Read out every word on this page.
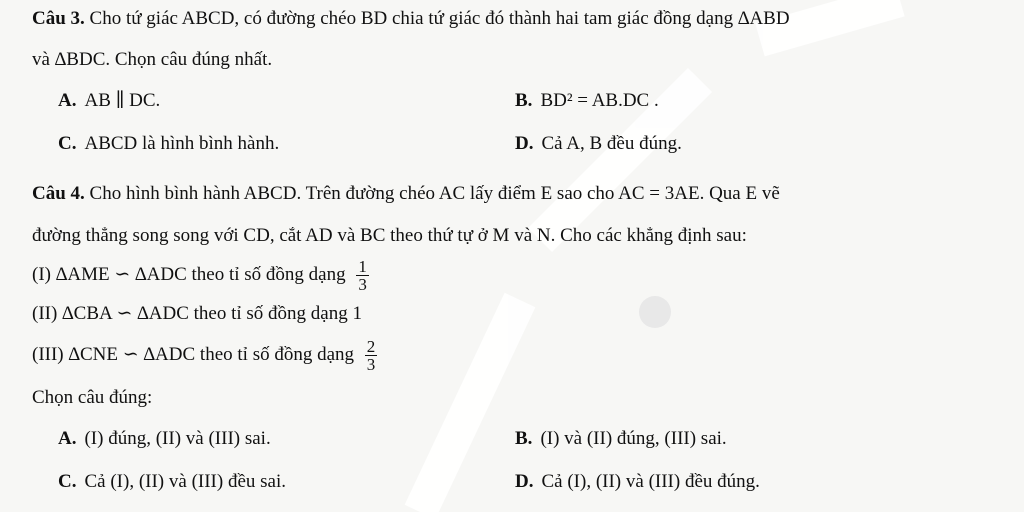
Câu 3. Cho tứ giác ABCD, có đường chéo BD chia tứ giác đó thành hai tam giác đồng dạng ∆ABD
và ∆BDC. Chọn câu đúng nhất.
A. AB ∥ DC.	B. BD² = AB.DC .
C. ABCD là hình bình hành.	D. Cả A, B đều đúng.
Câu 4. Cho hình bình hành ABCD. Trên đường chéo AC lấy điểm E sao cho AC = 3AE. Qua E vẽ
đường thẳng song song với CD, cắt AD và BC theo thứ tự ở M và N. Cho các khẳng định sau:
(I) ∆AME ∽ ∆ADC theo tỉ số đồng dạng $\frac{1}{3}$
(II) ∆CBA ∽ ∆ADC theo tỉ số đồng dạng 1
(III) ∆CNE ∽ ∆ADC theo tỉ số đồng dạng $\frac{2}{3}$
Chọn câu đúng:
A. (I) đúng, (II) và (III) sai.	B. (I) và (II) đúng, (III) sai.
C. Cả (I), (II) và (III) đều sai.	D. Cả (I), (II) và (III) đều đúng.
